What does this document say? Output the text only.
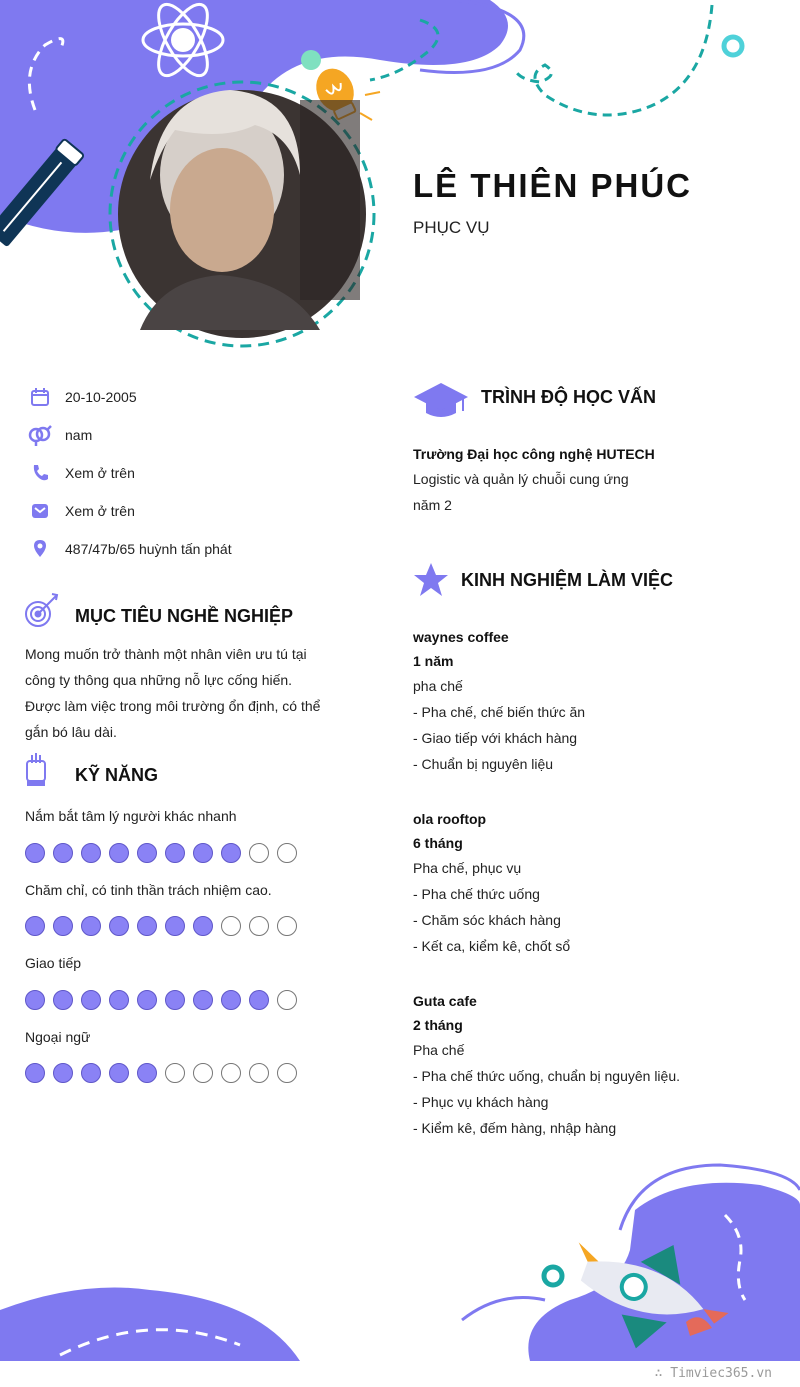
LÊ THIÊN PHÚC
PHỤC VỤ
20-10-2005
nam
Xem ở trên
Xem ở trên
487/47b/65 huỳnh tấn phát
MỤC TIÊU NGHỀ NGHIỆP
Mong muốn trở thành một nhân viên ưu tú tại
công ty thông qua những nỗ lực cống hiến.
Được làm việc trong môi trường ổn định, có thể
gắn bó lâu dài.
KỸ NĂNG
Nắm bắt tâm lý người khác nhanh
Chăm chỉ, có tinh thần trách nhiệm cao.
Giao tiếp
Ngoại ngữ
TRÌNH ĐỘ HỌC VẤN
Trường Đại học công nghệ HUTECH
Logistic và quản lý chuỗi cung ứng
năm 2
KINH NGHIỆM LÀM VIỆC
waynes coffee
1 năm
pha chế
- Pha chế, chế biến thức ăn
- Giao tiếp với khách hàng
- Chuẩn bị nguyên liệu
ola rooftop
6 tháng
Pha chế, phục vụ
- Pha chế thức uống
- Chăm sóc khách hàng
- Kết ca, kiểm kê, chốt sổ
Guta cafe
2 tháng
Pha chế
- Pha chế thức uống, chuẩn bị nguyên liệu.
- Phục vụ khách hàng
- Kiểm kê, đếm hàng, nhập hàng
∴ Timviec365.vn
